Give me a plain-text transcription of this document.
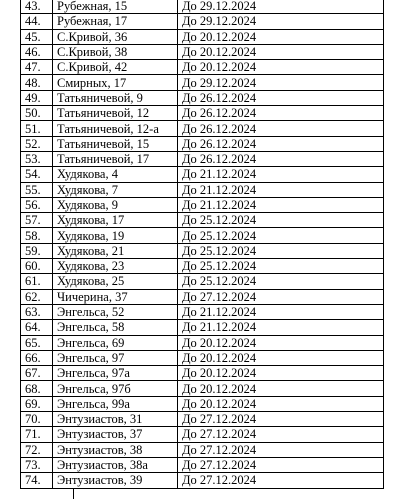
43.	Рубежная, 15	До 29.12.2024
44.	Рубежная, 17	До 29.12.2024
45.	С.Кривой, 36	До 20.12.2024
46.	С.Кривой, 38	До 20.12.2024
47.	С.Кривой, 42	До 20.12.2024
48.	Смирных, 17	До 29.12.2024
49.	Татьяничевой, 9	До 26.12.2024
50.	Татьяничевой, 12	До 26.12.2024
51.	Татьяничевой, 12-а	До 26.12.2024
52.	Татьяничевой, 15	До 26.12.2024
53.	Татьяничевой, 17	До 26.12.2024
54.	Худякова, 4	До 21.12.2024
55.	Худякова, 7	До 21.12.2024
56.	Худякова, 9	До 21.12.2024
57.	Худякова, 17	До 25.12.2024
58.	Худякова, 19	До 25.12.2024
59.	Худякова, 21	До 25.12.2024
60.	Худякова, 23	До 25.12.2024
61.	Худякова, 25	До 25.12.2024
62.	Чичерина, 37	До 27.12.2024
63.	Энгельса, 52	До 21.12.2024
64.	Энгельса, 58	До 21.12.2024
65.	Энгельса, 69	До 20.12.2024
66.	Энгельса, 97	До 20.12.2024
67.	Энгельса, 97а	До 20.12.2024
68.	Энгельса, 97б	До 20.12.2024
69.	Энгельса, 99а	До 20.12.2024
70.	Энтузиастов, 31	До 27.12.2024
71.	Энтузиастов, 37	До 27.12.2024
72.	Энтузиастов, 38	До 27.12.2024
73.	Энтузиастов, 38а	До 27.12.2024
74.	Энтузиастов, 39	До 27.12.2024
